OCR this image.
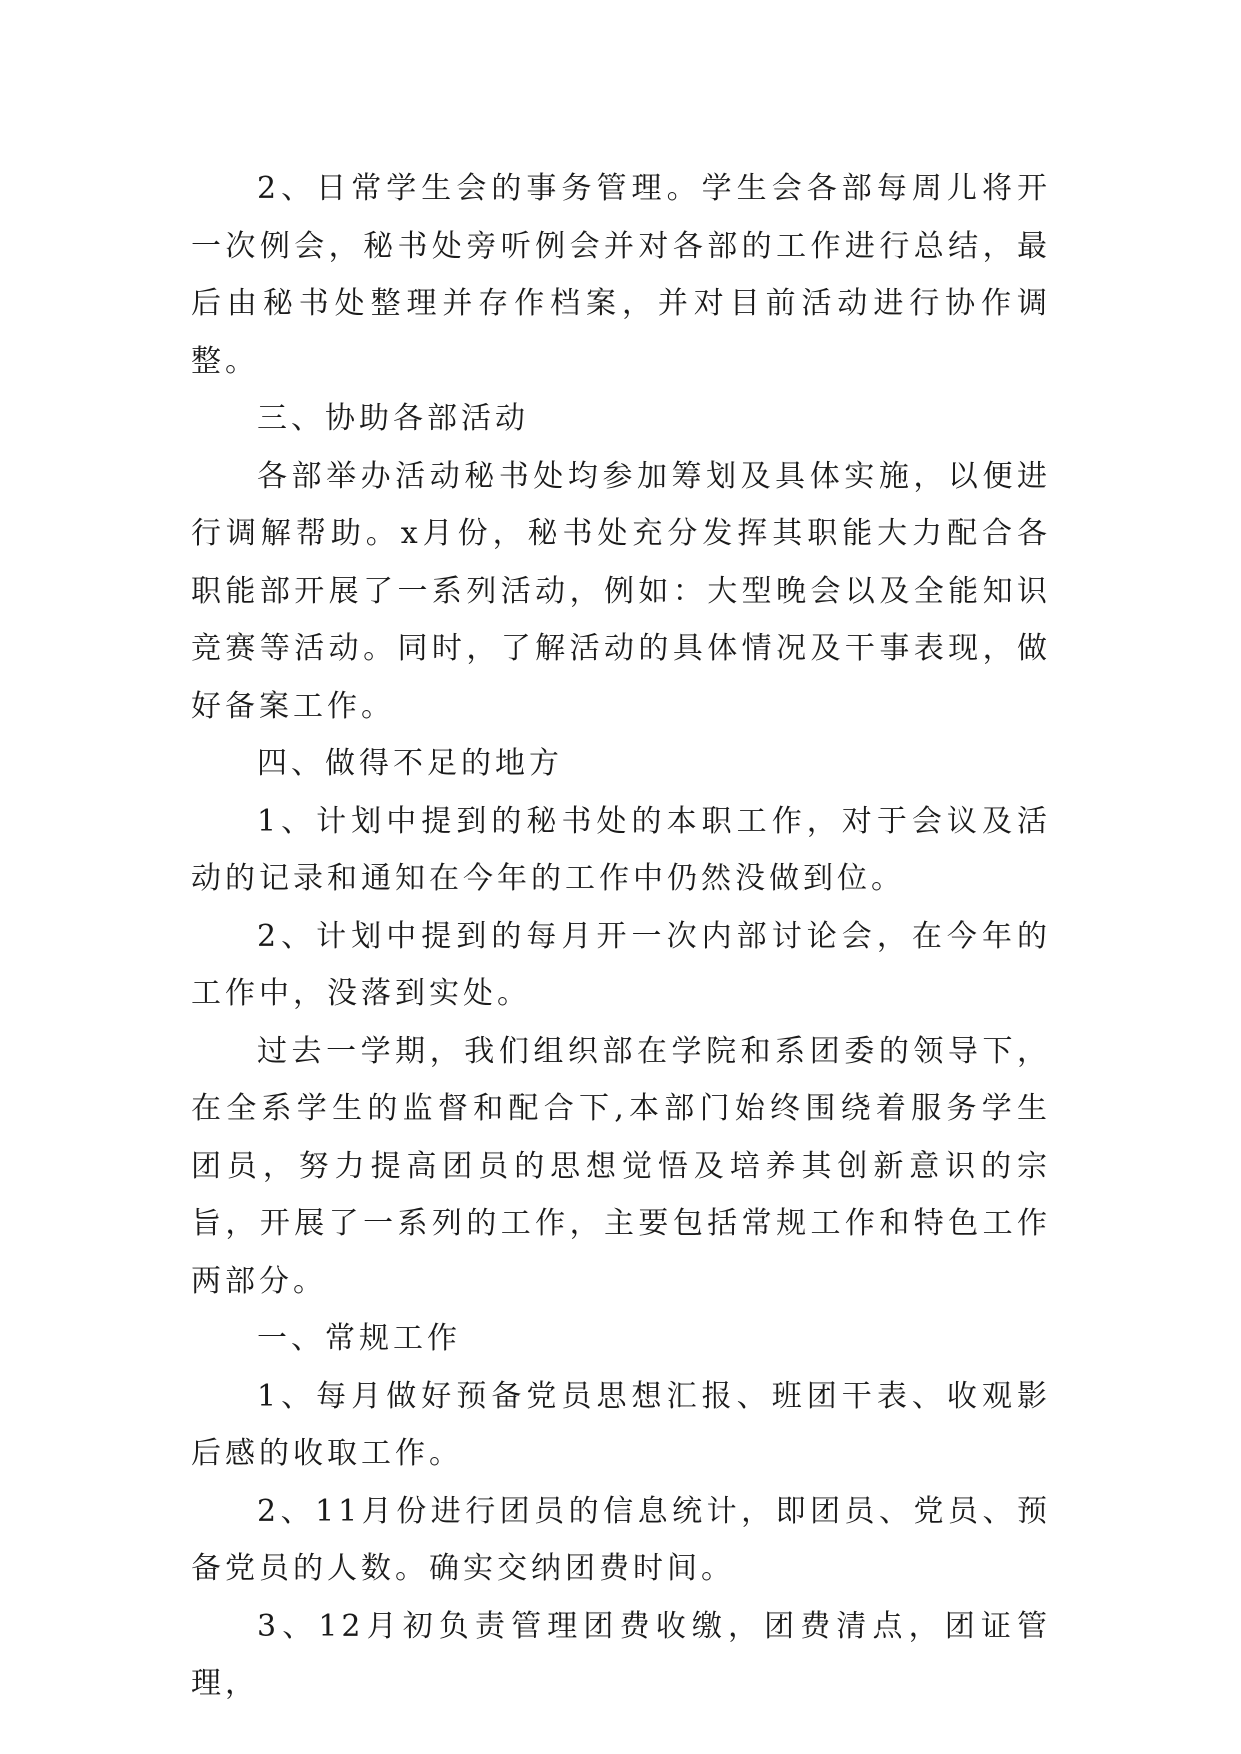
2、日常学生会的事务管理。学生会各部每周儿将开一次例会，秘书处旁听例会并对各部的工作进行总结，最后由秘书处整理并存作档案，并对目前活动进行协作调整。

三、协助各部活动

各部举办活动秘书处均参加筹划及具体实施，以便进行调解帮助。x月份，秘书处充分发挥其职能大力配合各职能部开展了一系列活动，例如：大型晚会以及全能知识竞赛等活动。同时，了解活动的具体情况及干事表现，做好备案工作。

四、做得不足的地方

1、计划中提到的秘书处的本职工作，对于会议及活动的记录和通知在今年的工作中仍然没做到位。

2、计划中提到的每月开一次内部讨论会，在今年的工作中，没落到实处。

过去一学期，我们组织部在学院和系团委的领导下，在全系学生的监督和配合下,本部门始终围绕着服务学生团员，努力提高团员的思想觉悟及培养其创新意识的宗旨，开展了一系列的工作，主要包括常规工作和特色工作两部分。

一、常规工作

1、每月做好预备党员思想汇报、班团干表、收观影后感的收取工作。

2、11月份进行团员的信息统计，即团员、党员、预备党员的人数。确实交纳团费时间。

3、12月初负责管理团费收缴，团费清点，团证管理，
